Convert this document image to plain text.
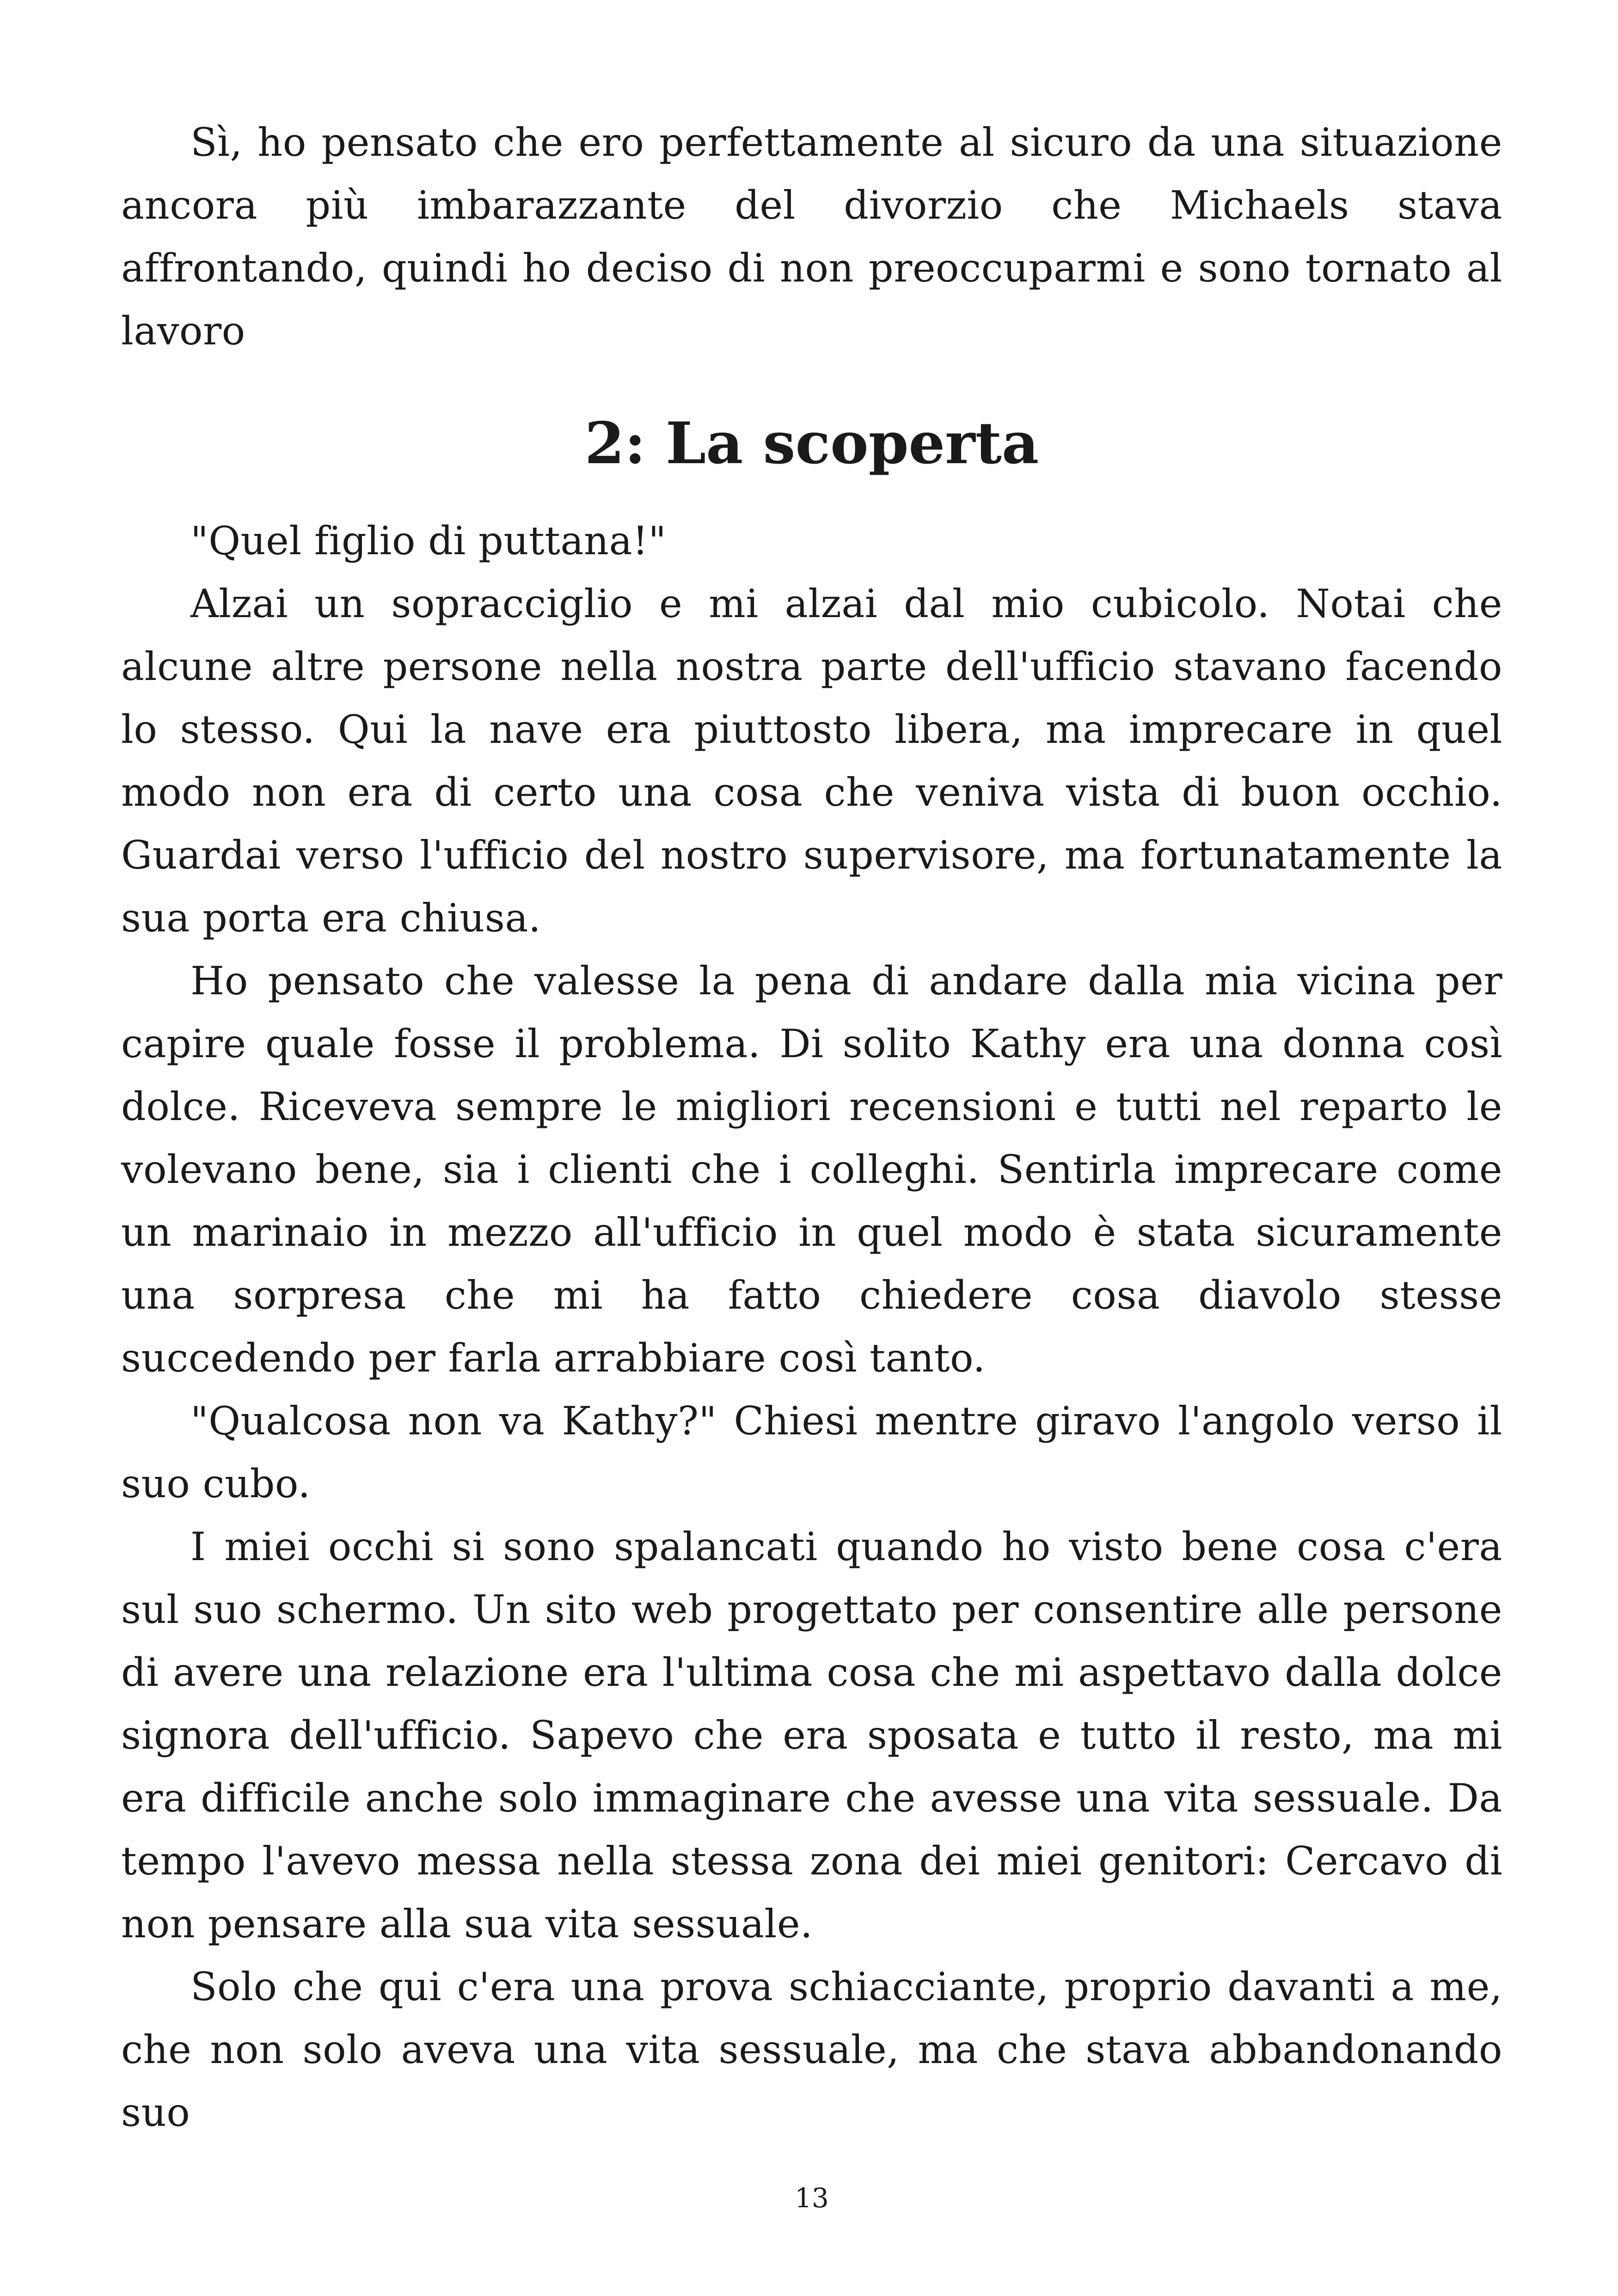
Sì, ho pensato che ero perfettamente al sicuro da una situazione ancora più imbarazzante del divorzio che Michaels stava affrontando, quindi ho deciso di non preoccuparmi e sono tornato al lavoro

2: La scoperta

"Quel figlio di puttana!"

Alzai un sopracciglio e mi alzai dal mio cubicolo. Notai che alcune altre persone nella nostra parte dell'ufficio stavano facendo lo stesso. Qui la nave era piuttosto libera, ma imprecare in quel modo non era di certo una cosa che veniva vista di buon occhio. Guardai verso l'ufficio del nostro supervisore, ma fortunatamente la sua porta era chiusa.

Ho pensato che valesse la pena di andare dalla mia vicina per capire quale fosse il problema. Di solito Kathy era una donna così dolce. Riceveva sempre le migliori recensioni e tutti nel reparto le volevano bene, sia i clienti che i colleghi. Sentirla imprecare come un marinaio in mezzo all'ufficio in quel modo è stata sicuramente una sorpresa che mi ha fatto chiedere cosa diavolo stesse succedendo per farla arrabbiare così tanto.

"Qualcosa non va Kathy?" Chiesi mentre giravo l'angolo verso il suo cubo.

I miei occhi si sono spalancati quando ho visto bene cosa c'era sul suo schermo. Un sito web progettato per consentire alle persone di avere una relazione era l'ultima cosa che mi aspettavo dalla dolce signora dell'ufficio. Sapevo che era sposata e tutto il resto, ma mi era difficile anche solo immaginare che avesse una vita sessuale. Da tempo l'avevo messa nella stessa zona dei miei genitori: Cercavo di non pensare alla sua vita sessuale.

Solo che qui c'era una prova schiacciante, proprio davanti a me, che non solo aveva una vita sessuale, ma che stava abbandonando suo

13
